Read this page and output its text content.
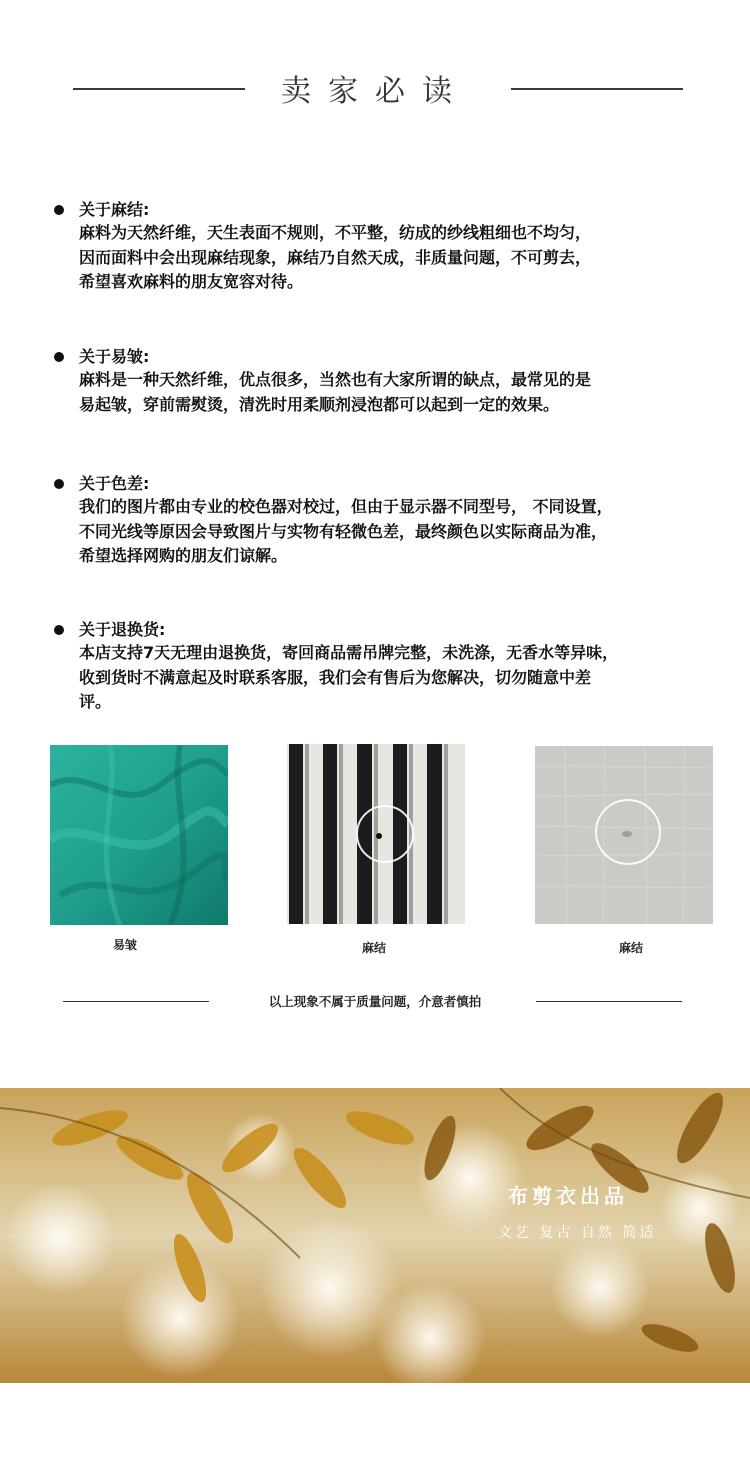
卖家必读
关于麻结:
麻料为天然纤维，天生表面不规则，不平整，纺成的纱线粗细也不均匀，
因而面料中会出现麻结现象，麻结乃自然天成，非质量问题，不可剪去，
希望喜欢麻料的朋友宽容对待。
关于易皱:
麻料是一种天然纤维，优点很多，当然也有大家所谓的缺点，最常见的是
易起皱，穿前需熨烫，清洗时用柔顺剂浸泡都可以起到一定的效果。
关于色差:
我们的图片都由专业的校色器对校过，但由于显示器不同型号， 不同设置，
不同光线等原因会导致图片与实物有轻微色差，最终颜色以实际商品为准，
希望选择网购的朋友们谅解。
关于退换货:
本店支持7天无理由退换货，寄回商品需吊牌完整，未洗涤，无香水等异味，
收到货时不满意起及时联系客服，我们会有售后为您解决，切勿随意中差
评。
易皱	麻结	麻结
以上现象不属于质量问题，介意者慎拍
布剪衣出品
文艺 复古 自然 简适
